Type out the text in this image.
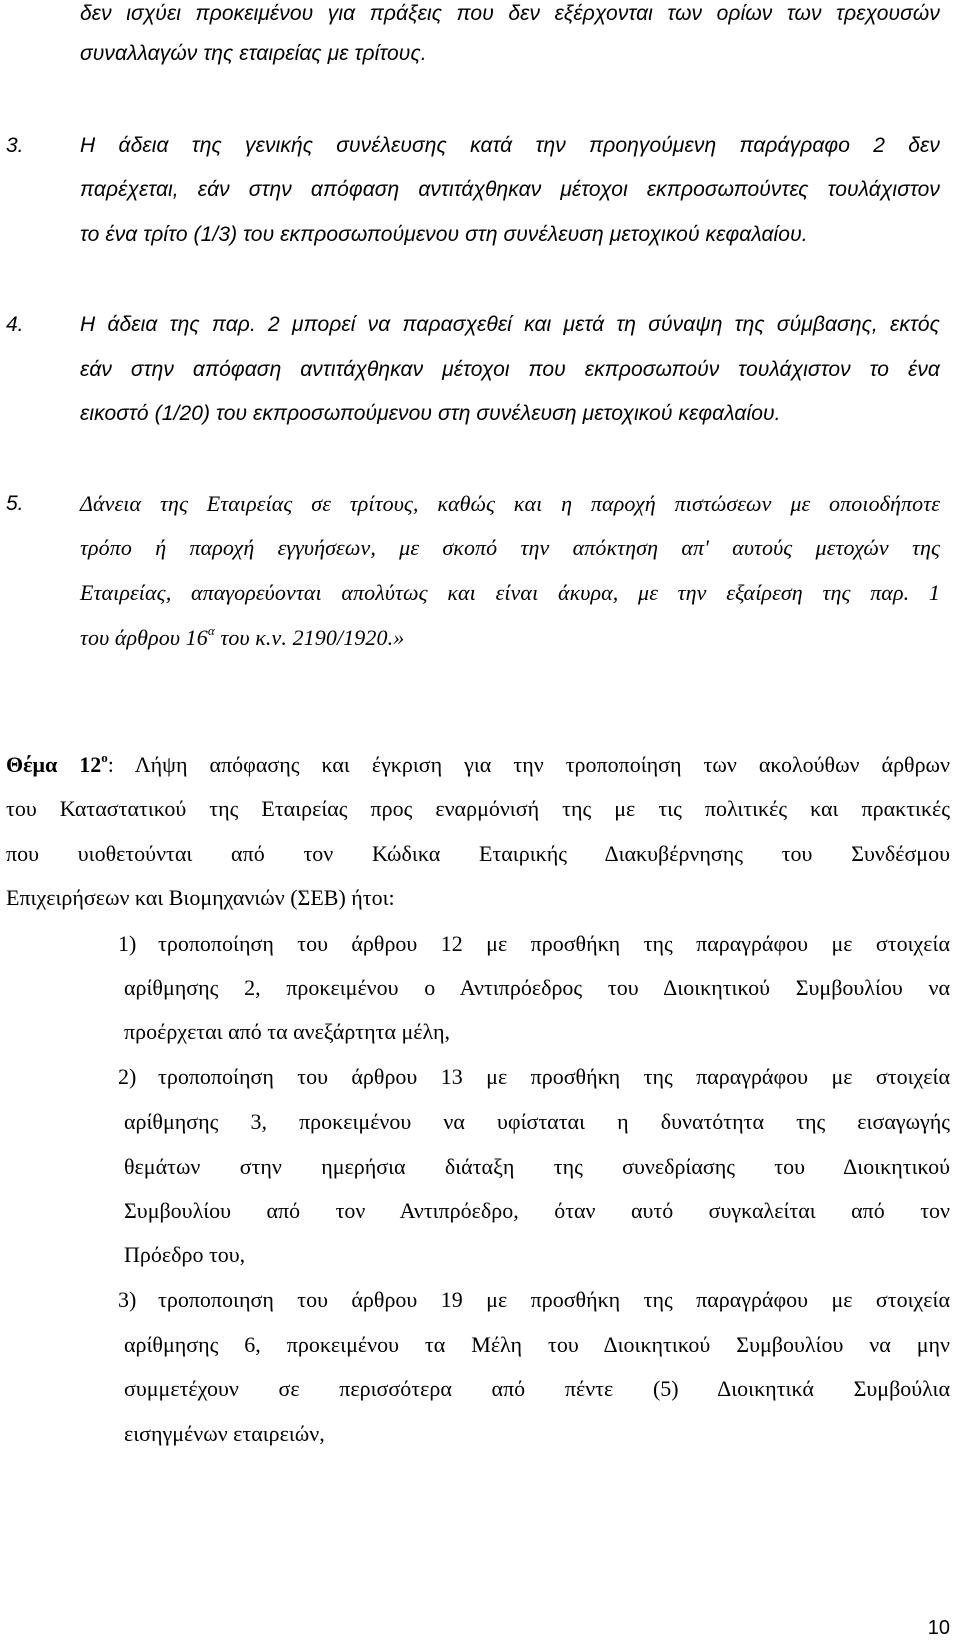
δεν ισχύει προκειμένου για πράξεις που δεν εξέρχονται των ορίων των τρεχουσών
συναλλαγών της εταιρείας με τρίτους.
3.	Η άδεια της γενικής συνέλευσης κατά την προηγούμενη παράγραφο 2 δεν
παρέχεται, εάν στην απόφαση αντιτάχθηκαν μέτοχοι εκπροσωπούντες τουλάχιστον
το ένα τρίτο (1/3) του εκπροσωπούμενου στη συνέλευση μετοχικού κεφαλαίου.
4.	Η άδεια της παρ. 2 μπορεί να παρασχεθεί και μετά τη σύναψη της σύμβασης, εκτός
εάν στην απόφαση αντιτάχθηκαν μέτοχοι που εκπροσωπούν τουλάχιστον το ένα
εικοστό (1/20) του εκπροσωπούμενου στη συνέλευση μετοχικού κεφαλαίου.
5.	Δάνεια της Εταιρείας σε τρίτους, καθώς και η παροχή πιστώσεων με οποιοδήποτε
τρόπο ή παροχή εγγυήσεων, με σκοπό την απόκτηση απ' αυτούς μετοχών της
Εταιρείας, απαγορεύονται απολύτως και είναι άκυρα, με την εξαίρεση της παρ. 1
του άρθρου $16^\alpha$ του κ.ν. 2190/1920.»
Θέμα $12^o$: Λήψη απόφασης και έγκριση για την τροποποίηση των ακολούθων άρθρων
του Καταστατικού της Εταιρείας προς εναρμόνισή της με τις πολιτικές και πρακτικές
που υιοθετούνται από τον Κώδικα Εταιρικής Διακυβέρνησης του Συνδέσμου
Επιχειρήσεων και Βιομηχανιών (ΣΕΒ) ήτοι:
1) τροποποίηση του άρθρου 12 με προσθήκη της παραγράφου με στοιχεία
αρίθμησης 2, προκειμένου ο Αντιπρόεδρος του Διοικητικού Συμβουλίου να
προέρχεται από τα ανεξάρτητα μέλη,
2) τροποποίηση του άρθρου 13 με προσθήκη της παραγράφου με στοιχεία
αρίθμησης 3, προκειμένου να υφίσταται η δυνατότητα της εισαγωγής
θεμάτων στην ημερήσια διάταξη της συνεδρίασης του Διοικητικού
Συμβουλίου από τον Αντιπρόεδρο, όταν αυτό συγκαλείται από τον
Πρόεδρο του,
3) τροποποιηση του άρθρου 19 με προσθήκη της παραγράφου με στοιχεία
αρίθμησης 6, προκειμένου τα Μέλη του Διοικητικού Συμβουλίου να μην
συμμετέχουν σε περισσότερα από πέντε (5) Διοικητικά Συμβούλια
εισηγμένων εταιρειών,
10
